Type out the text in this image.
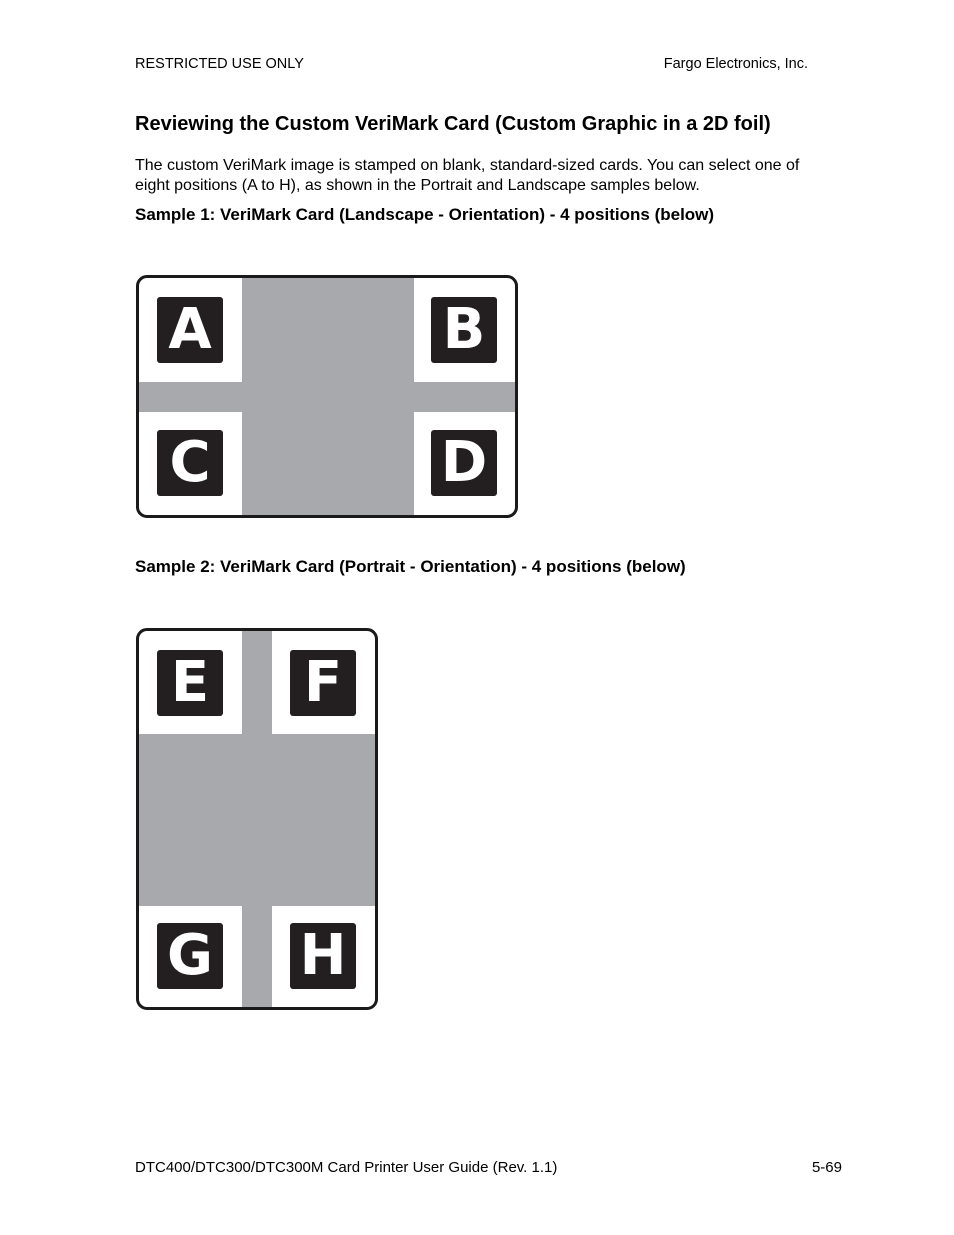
RESTRICTED USE ONLY	Fargo Electronics, Inc.
Reviewing the Custom VeriMark Card (Custom Graphic in a 2D foil)
The custom VeriMark image is stamped on blank, standard-sized cards. You can select one of eight positions (A to H), as shown in the Portrait and Landscape samples below.
Sample 1: VeriMark Card (Landscape - Orientation) - 4 positions (below)
A	B
C	D
Sample 2: VeriMark Card (Portrait - Orientation) - 4 positions (below)
E F
G H
DTC400/DTC300/DTC300M Card Printer User Guide (Rev. 1.1)	5-69
